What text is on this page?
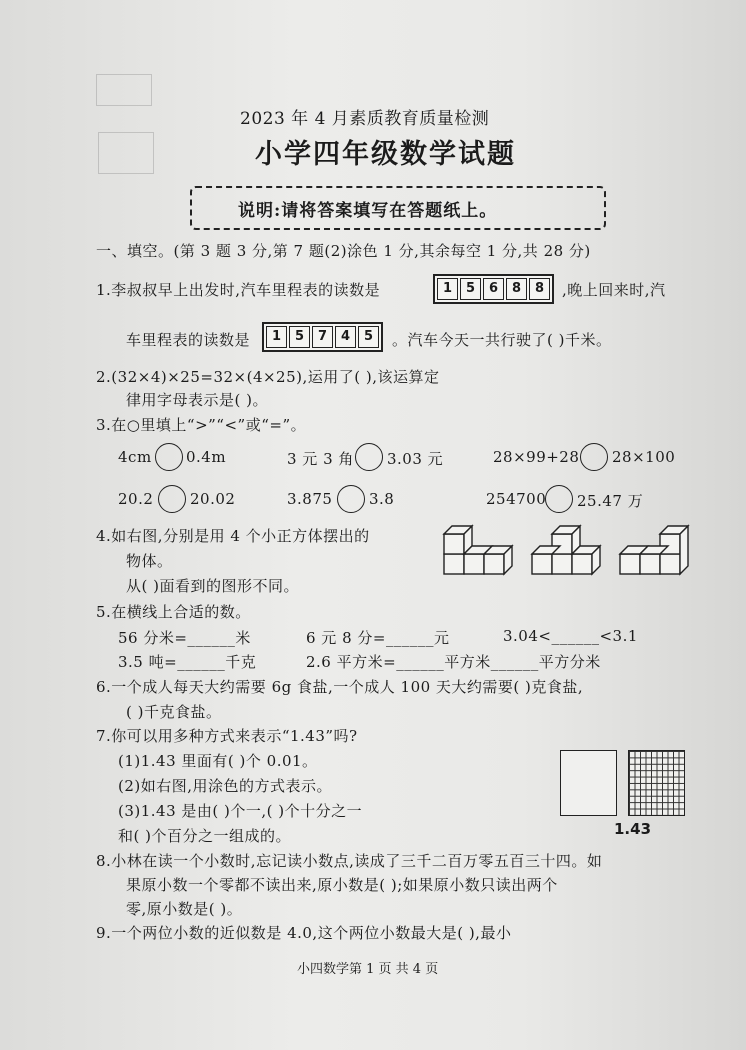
2023 年 4 月素质教育质量检测
小学四年级数学试题
说明:请将答案填写在答题纸上。
一、填空。(第 3 题 3 分,第 7 题(2)涂色 1 分,其余每空 1 分,共 28 分)
1.李叔叔早上出发时,汽车里程表的读数是	1	5	6	8	8	,晚上回来时,汽
车里程表的读数是	1	5	7	4	5	。汽车今天一共行驶了( )千米。
2.(32×4)×25=32×(4×25),运用了( ),该运算定
律用字母表示是( )。
3.在○里填上“>”“<”或“=”。
4cm 0.4m	3 元 3 角 3.03 元	28×99+28 28×100
20.2 20.02	3.875 3.8	254700 25.47 万
4.如右图,分别是用 4 个小正方体摆出的
物体。
从( )面看到的图形不同。
5.在横线上合适的数。
56 分米=______米	6 元 8 分=______元	3.04<______<3.1
3.5 吨=______千克	2.6 平方米=______平方米______平方分米
6.一个成人每天大约需要 6g 食盐,一个成人 100 天大约需要( )克食盐,
( )千克食盐。
7.你可以用多种方式来表示“1.43”吗?
(1)1.43 里面有( )个 0.01。
(2)如右图,用涂色的方式表示。
(3)1.43 是由( )个一,( )个十分之一
和( )个百分之一组成的。	1.43
8.小林在读一个小数时,忘记读小数点,读成了三千二百万零五百三十四。如
果原小数一个零都不读出来,原小数是( );如果原小数只读出两个
零,原小数是( )。
9.一个两位小数的近似数是 4.0,这个两位小数最大是( ),最小
小四数学第 1 页 共 4 页
